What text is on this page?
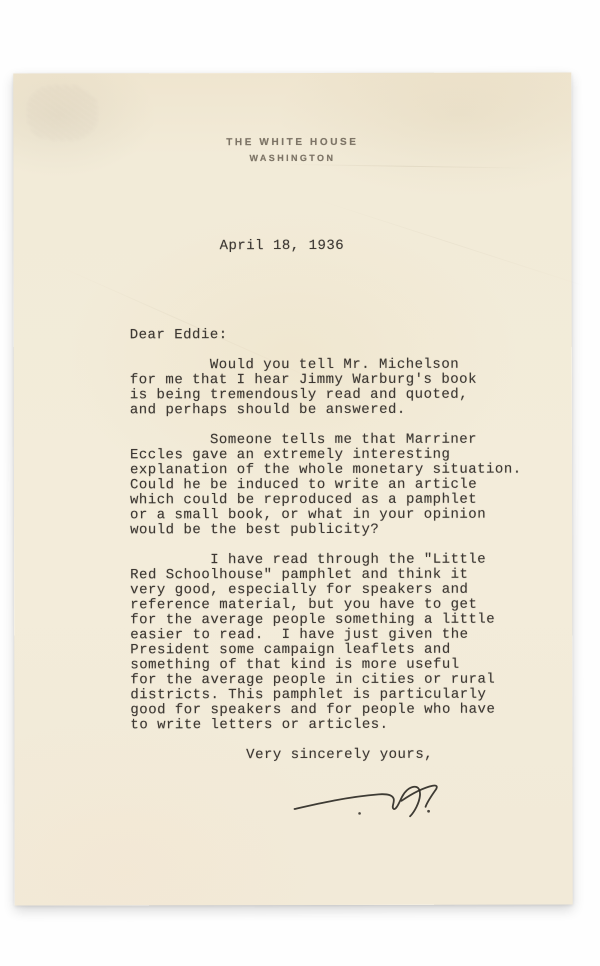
THE WHITE HOUSE
WASHINGTON
April 18, 1936
Dear Eddie:
Would you tell Mr. Michelson
for me that I hear Jimmy Warburg's book
is being tremendously read and quoted,
and perhaps should be answered.
Someone tells me that Marriner
Eccles gave an extremely interesting
explanation of the whole monetary situation.
Could he be induced to write an article
which could be reproduced as a pamphlet
or a small book, or what in your opinion
would be the best publicity?
I have read through the "Little
Red Schoolhouse" pamphlet and think it
very good, especially for speakers and
reference material, but you have to get
for the average people something a little
easier to read.  I have just given the
President some campaign leaflets and
something of that kind is more useful
for the average people in cities or rural
districts. This pamphlet is particularly
good for speakers and for people who have
to write letters or articles.
Very sincerely yours,
